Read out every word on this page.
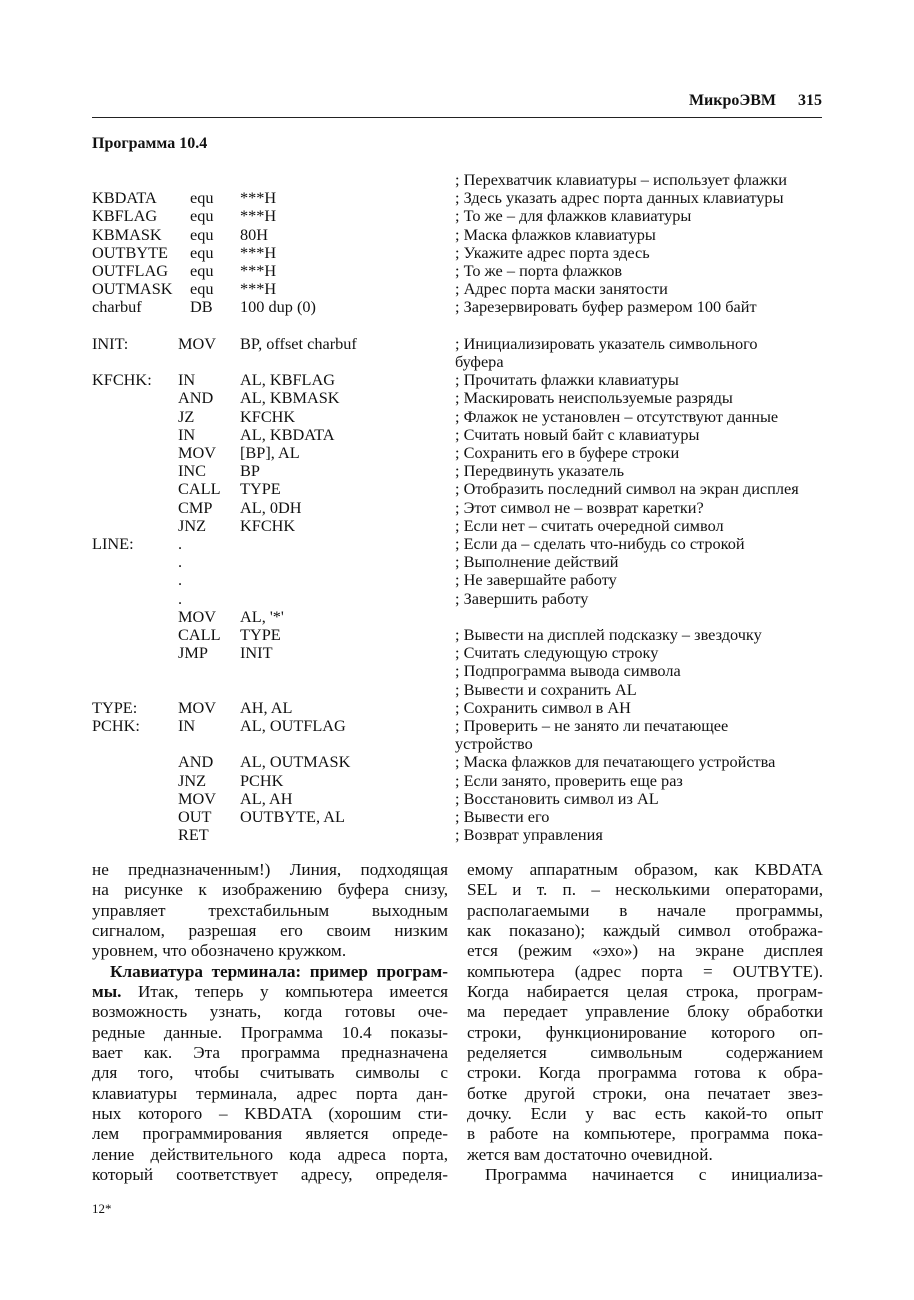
МикроЭВМ 315
Программа 10.4
; Перехватчик клавиатуры – использует флажки
KBDATA equ ***H	; Здесь указать адрес порта данных клавиатуры
KBFLAG equ ***H	; То же – для флажков клавиатуры
KBMASK equ 80H	; Маска флажков клавиатуры
OUTBYTE equ ***H	; Укажите адрес порта здесь
OUTFLAG equ ***H	; То же – порта флажков
OUTMASK equ ***H	; Адрес порта маски занятости
charbuf	DB 100 dup (0)	; Зарезервировать буфер размером 100 байт
INIT:	MOV BP, offset charbuf	; Инициализировать указатель символьного
буфера
KFCHK: IN	AL, KBFLAG	; Прочитать флажки клавиатуры
AND AL, KBMASK	; Маскировать неиспользуемые разряды
JZ	KFCHK	; Флажок не установлен – отсутствуют данные
IN	AL, KBDATA	; Считать новый байт с клавиатуры
MOV [BP], AL	; Сохранить его в буфере строки
INC BP	; Передвинуть указатель
CALL TYPE	; Отобразить последний символ на экран дисплея
CMP AL, 0DH	; Этот символ не – возврат каретки?
JNZ KFCHK	; Если нет – считать очередной символ
LINE:	.	; Если да – сделать что-нибудь со строкой
.	; Выполнение действий
.	; Не завершайте работу
.	; Завершить работу
MOV AL, '*'
CALL TYPE	; Вывести на дисплей подсказку – звездочку
JMP INIT	; Считать следующую строку
; Подпрограмма вывода символа
; Вывести и сохранить AL
TYPE:	MOV AH, AL	; Сохранить символ в AH
PCHK: IN	AL, OUTFLAG	; Проверить – не занято ли печатающее
устройство
AND AL, OUTMASK	; Маска флажков для печатающего устройства
JNZ PCHK	; Если занято, проверить еще раз
MOV AL, AH	; Восстановить символ из AL
OUT OUTBYTE, AL	; Вывести его
RET	; Возврат управления
не предназначенным!) Линия, подходящая
на рисунке к изображению буфера снизу,
управляет трехстабильным выходным
сигналом, разрешая его своим низким
уровнем, что обозначено кружком.
Клавиатура терминала: пример програм-
мы. Итак, теперь у компьютера имеется
возможность узнать, когда готовы оче-
редные данные. Программа 10.4 показы-
вает как. Эта программа предназначена
для того, чтобы считывать символы с
клавиатуры терминала, адрес порта дан-
ных которого – KBDATA (хорошим сти-
лем программирования является опреде-
ление действительного кода адреса порта,
который соответствует адресу, определя-
емому аппаратным образом, как KBDATA
SEL и т. п. – несколькими операторами,
располагаемыми в начале программы,
как показано); каждый символ отобража-
ется (режим «эхо») на экране дисплея
компьютера (адрес порта = OUTBYTE).
Когда набирается целая строка, програм-
ма передает управление блоку обработки
строки, функционирование которого оп-
ределяется символьным содержанием
строки. Когда программа готова к обра-
ботке другой строки, она печатает звез-
дочку. Если у вас есть какой-то опыт
в работе на компьютере, программа пока-
жется вам достаточно очевидной.
Программа начинается с инициализа-
12*
